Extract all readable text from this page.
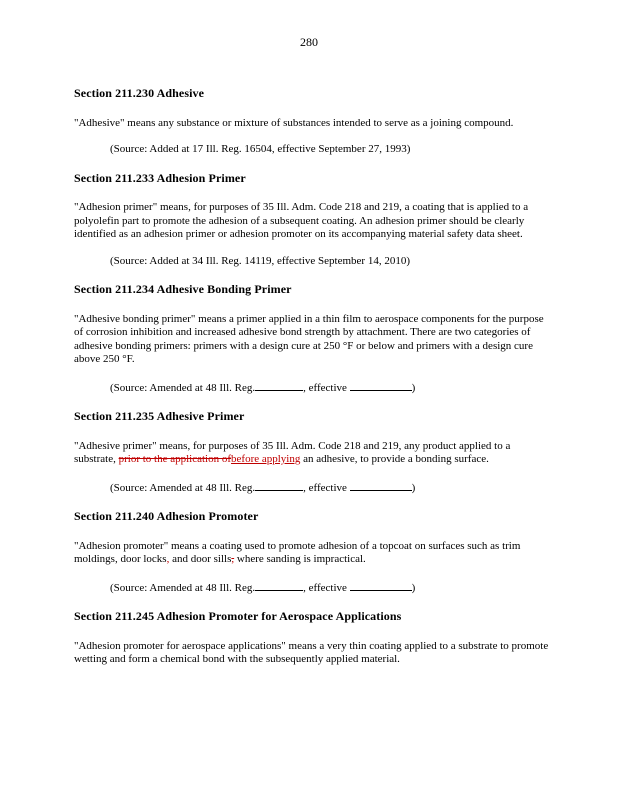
280
Section 211.230 Adhesive
"Adhesive" means any substance or mixture of substances intended to serve as a joining compound.
(Source: Added at 17 Ill. Reg. 16504, effective September 27, 1993)
Section 211.233 Adhesion Primer
"Adhesion primer" means, for purposes of 35 Ill. Adm. Code 218 and 219, a coating that is applied to a polyolefin part to promote the adhesion of a subsequent coating. An adhesion primer should be clearly identified as an adhesion primer or adhesion promoter on its accompanying material safety data sheet.
(Source: Added at 34 Ill. Reg. 14119, effective September 14, 2010)
Section 211.234 Adhesive Bonding Primer
"Adhesive bonding primer" means a primer applied in a thin film to aerospace components for the purpose of corrosion inhibition and increased adhesive bond strength by attachment. There are two categories of adhesive bonding primers: primers with a design cure at 250 °F or below and primers with a design cure above 250 °F.
(Source: Amended at 48 Ill. Reg.	, effective	)
Section 211.235 Adhesive Primer
"Adhesive primer" means, for purposes of 35 Ill. Adm. Code 218 and 219, any product applied to a substrate, prior to the application ofbefore applying an adhesive, to provide a bonding surface.
(Source: Amended at 48 Ill. Reg.	, effective	)
Section 211.240 Adhesion Promoter
"Adhesion promoter" means a coating used to promote adhesion of a topcoat on surfaces such as trim moldings, door locks, and door sills, where sanding is impractical.
(Source: Amended at 48 Ill. Reg.	, effective	)
Section 211.245 Adhesion Promoter for Aerospace Applications
"Adhesion promoter for aerospace applications" means a very thin coating applied to a substrate to promote wetting and form a chemical bond with the subsequently applied material.
